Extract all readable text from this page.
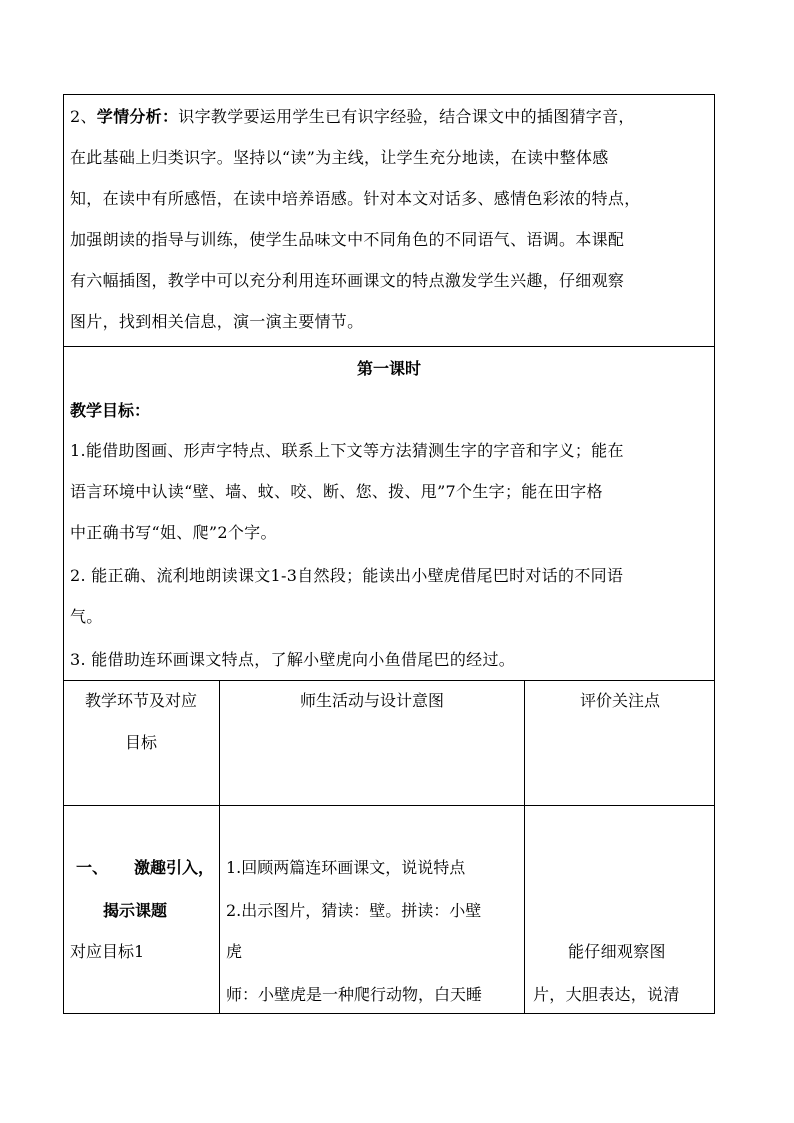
2、学情分析：识字教学要运用学生已有识字经验，结合课文中的插图猜字音，
在此基础上归类识字。坚持以“读”为主线，让学生充分地读，在读中整体感
知，在读中有所感悟，在读中培养语感。针对本文对话多、感情色彩浓的特点，
加强朗读的指导与训练，使学生品味文中不同角色的不同语气、语调。本课配
有六幅插图，教学中可以充分利用连环画课文的特点激发学生兴趣，仔细观察
图片，找到相关信息，演一演主要情节。
第一课时
教学目标：
1.能借助图画、形声字特点、联系上下文等方法猜测生字的字音和字义；能在
语言环境中认读“壁、墙、蚊、咬、断、您、拨、甩”7个生字；能在田字格
中正确书写“姐、爬”2个字。
2. 能正确、流利地朗读课文1-3自然段；能读出小壁虎借尾巴时对话的不同语
气。
3. 能借助连环画课文特点，了解小壁虎向小鱼借尾巴的经过。
教学环节及对应
目标
师生活动与设计意图	评价关注点
一、 激趣引入，
揭示课题
对应目标1
1.回顾两篇连环画课文，说说特点
2.出示图片，猜读：壁。拼读：小壁
虎
师：小壁虎是一种爬行动物，白天睡
能仔细观察图
片，大胆表达，说清
